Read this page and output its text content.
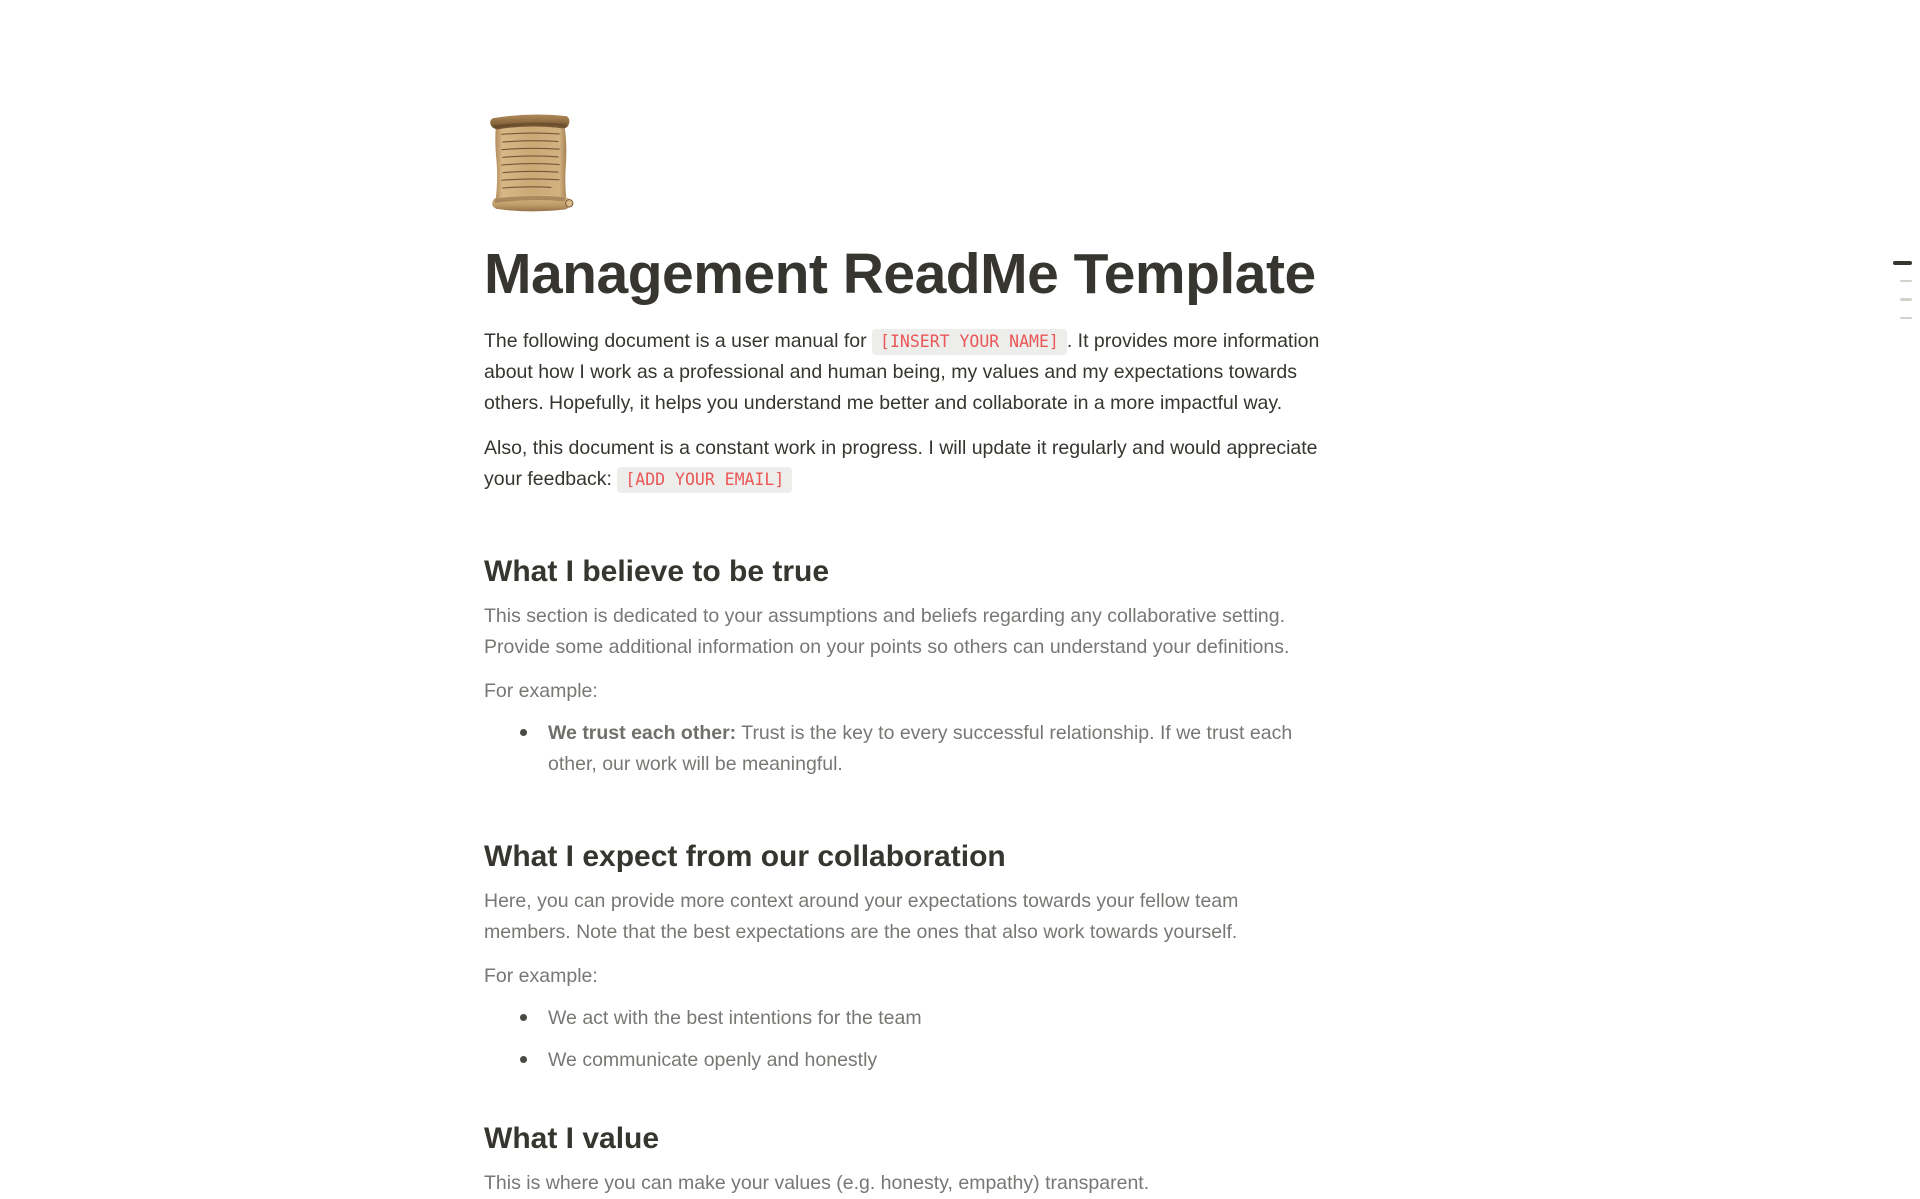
Management ReadMe Template

The following document is a user manual for [INSERT YOUR NAME] . It provides more information about how I work as a professional and human being, my values and my expectations towards others. Hopefully, it helps you understand me better and collaborate in a more impactful way.

Also, this document is a constant work in progress. I will update it regularly and would appreciate your feedback: [ADD YOUR EMAIL]

What I believe to be true

This section is dedicated to your assumptions and beliefs regarding any collaborative setting. Provide some additional information on your points so others can understand your definitions.

For example:

We trust each other: Trust is the key to every successful relationship. If we trust each other, our work will be meaningful.
What I expect from our collaboration

Here, you can provide more context around your expectations towards your fellow team members. Note that the best expectations are the ones that also work towards yourself.

For example:

We act with the best intentions for the team
We communicate openly and honestly
What I value

This is where you can make your values (e.g. honesty, empathy) transparent.
